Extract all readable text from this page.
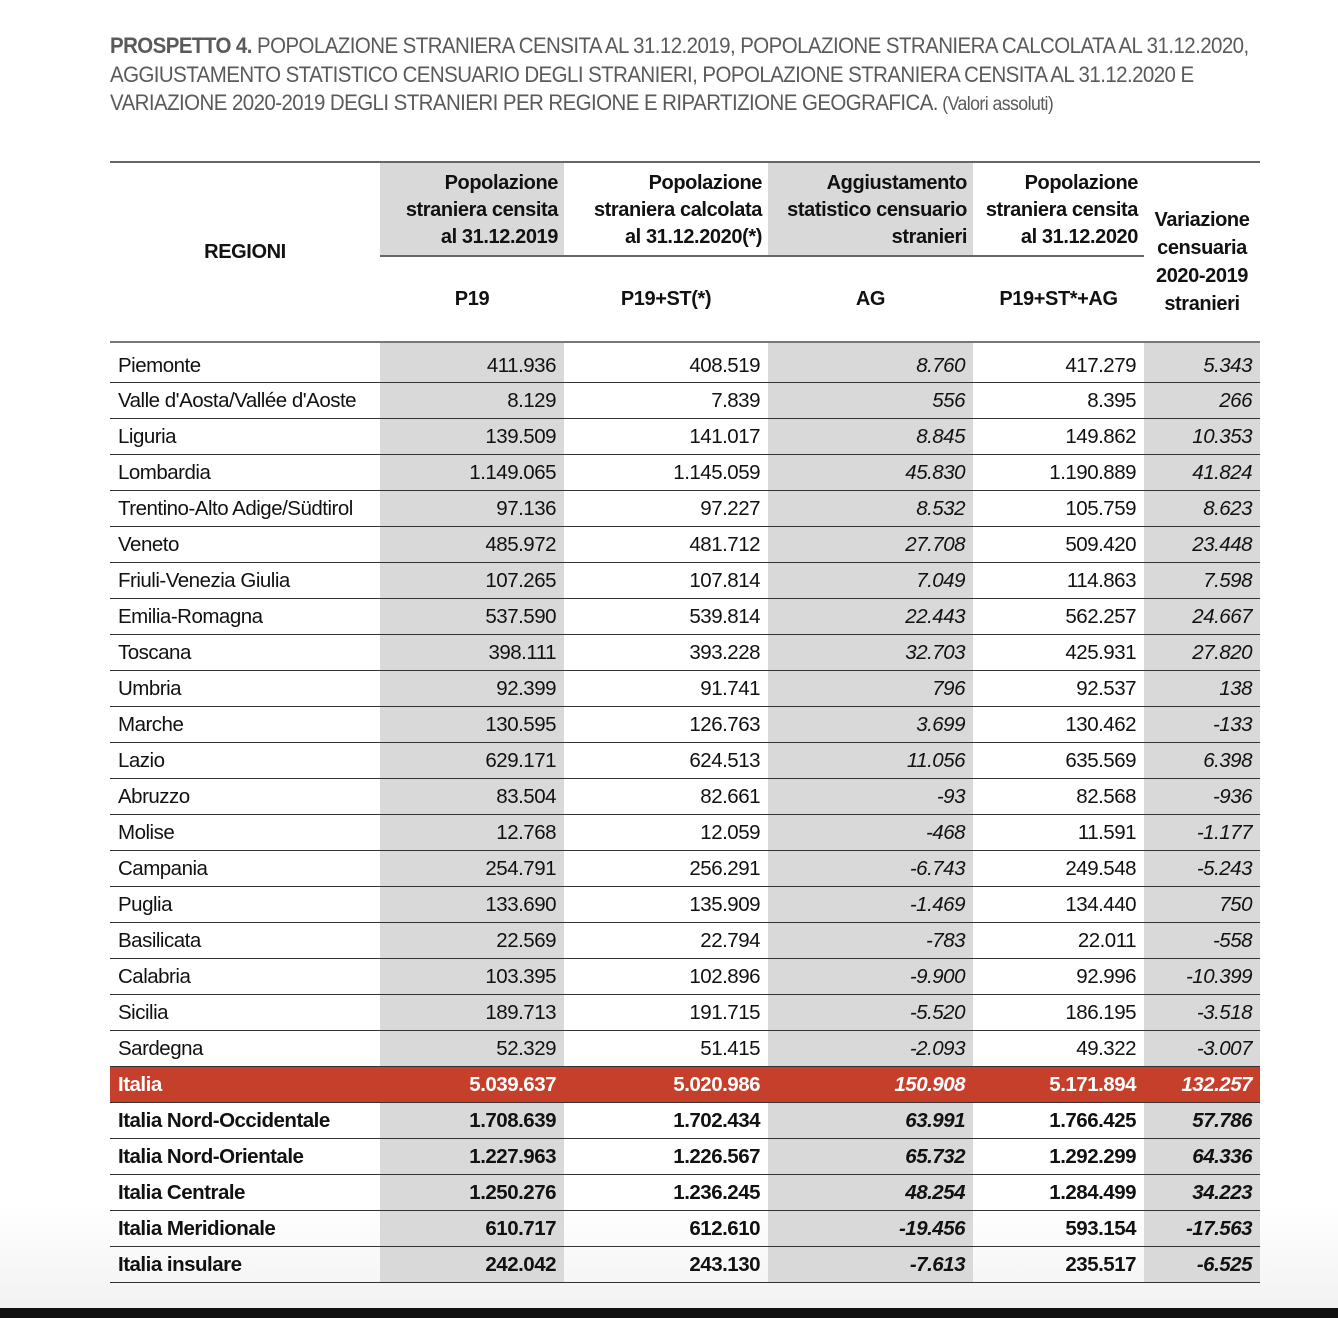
PROSPETTO 4. POPOLAZIONE STRANIERA CENSITA AL 31.12.2019, POPOLAZIONE STRANIERA CALCOLATA AL 31.12.2020, AGGIUSTAMENTO STATISTICO CENSUARIO DEGLI STRANIERI, POPOLAZIONE STRANIERA CENSITA AL 31.12.2020 E VARIAZIONE 2020-2019 DEGLI STRANIERI PER REGIONE E RIPARTIZIONE GEOGRAFICA. (Valori assoluti)
REGIONI	
Popolazione
straniera censita
al 31.12.2019

Popolazione
straniera calcolata
al 31.12.2020(*)

Aggiustamento
statistico censuario
stranieri

Popolazione
straniera censita
al 31.12.2020

Variazione
censuaria
2020-2019
stranieri

	P19	P19+ST(*)	AG	P19+ST*+AG	
Piemonte	411.936	408.519	8.760	417.279	5.343
Valle d'Aosta/Vallée d'Aoste	8.129	7.839	556	8.395	266
Liguria	139.509	141.017	8.845	149.862	10.353
Lombardia	1.149.065	1.145.059	45.830	1.190.889	41.824
Trentino-Alto Adige/Südtirol	97.136	97.227	8.532	105.759	8.623
Veneto	485.972	481.712	27.708	509.420	23.448
Friuli-Venezia Giulia	107.265	107.814	7.049	114.863	7.598
Emilia-Romagna	537.590	539.814	22.443	562.257	24.667
Toscana	398.111	393.228	32.703	425.931	27.820
Umbria	92.399	91.741	796	92.537	138
Marche	130.595	126.763	3.699	130.462	-133
Lazio	629.171	624.513	11.056	635.569	6.398
Abruzzo	83.504	82.661	-93	82.568	-936
Molise	12.768	12.059	-468	11.591	-1.177
Campania	254.791	256.291	-6.743	249.548	-5.243
Puglia	133.690	135.909	-1.469	134.440	750
Basilicata	22.569	22.794	-783	22.011	-558
Calabria	103.395	102.896	-9.900	92.996	-10.399
Sicilia	189.713	191.715	-5.520	186.195	-3.518
Sardegna	52.329	51.415	-2.093	49.322	-3.007
Italia	5.039.637	5.020.986	150.908	5.171.894	132.257
Italia Nord-Occidentale	1.708.639	1.702.434	63.991	1.766.425	57.786
Italia Nord-Orientale	1.227.963	1.226.567	65.732	1.292.299	64.336
Italia Centrale	1.250.276	1.236.245	48.254	1.284.499	34.223
Italia Meridionale	610.717	612.610	-19.456	593.154	-17.563
Italia insulare	242.042	243.130	-7.613	235.517	-6.525
